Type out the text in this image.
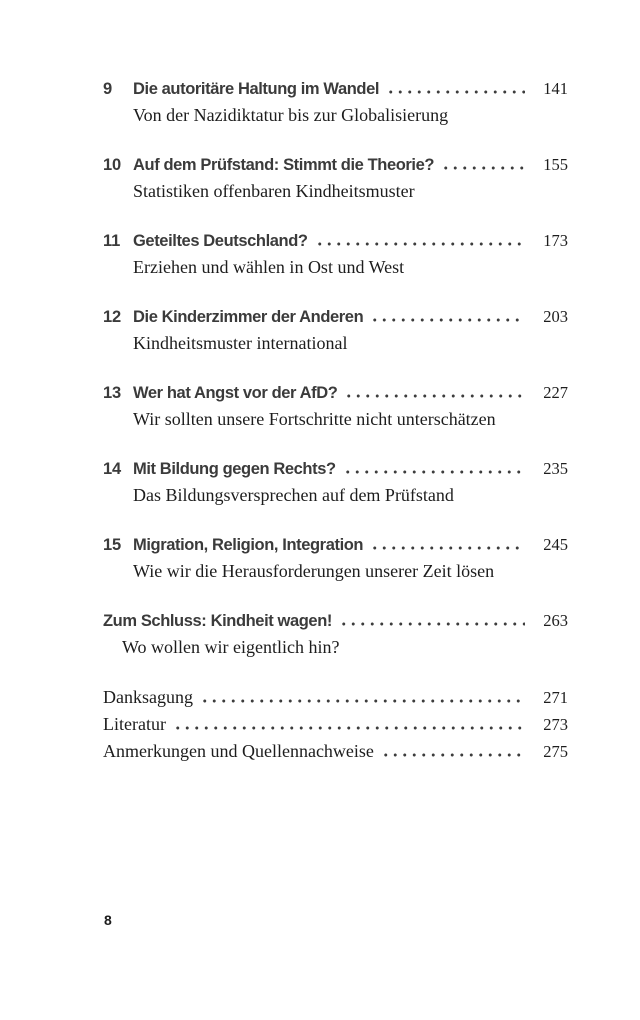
9	Die autoritäre Haltung im Wandel	141
Von der Nazidiktatur bis zur Globalisierung
10 Auf dem Prüfstand: Stimmt die Theorie?	155
Statistiken offenbaren Kindheitsmuster
11 Geteiltes Deutschland?	173
Erziehen und wählen in Ost und West
12 Die Kinderzimmer der Anderen	203
Kindheitsmuster international
13 Wer hat Angst vor der AfD?	227
Wir sollten unsere Fortschritte nicht unterschätzen
14 Mit Bildung gegen Rechts?	235
Das Bildungsversprechen auf dem Prüfstand
15 Migration, Religion, Integration	245
Wie wir die Herausforderungen unserer Zeit lösen
Zum Schluss: Kindheit wagen!	263
Wo wollen wir eigentlich hin?
Danksagung	271
Literatur	273
Anmerkungen und Quellennachweise	275
8
